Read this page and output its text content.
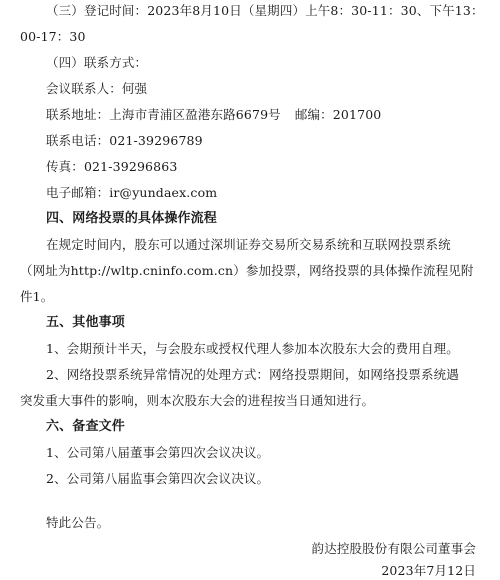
（三）登记时间：2023年8月10日（星期四）上午8：30-11：30、下午13：
00-17：30
（四）联系方式：
会议联系人：何强
联系地址：上海市青浦区盈港东路6679号 邮编：201700
联系电话：021-39296789
传真：021-39296863
电子邮箱：ir@yundaex.com
四、网络投票的具体操作流程
在规定时间内，股东可以通过深圳证券交易所交易系统和互联网投票系统
（网址为http://wltp.cninfo.com.cn）参加投票，网络投票的具体操作流程见附
件1。
五、其他事项
1、会期预计半天，与会股东或授权代理人参加本次股东大会的费用自理。
2、网络投票系统异常情况的处理方式：网络投票期间，如网络投票系统遇
突发重大事件的影响，则本次股东大会的进程按当日通知进行。
六、备查文件
1、公司第八届董事会第四次会议决议。
2、公司第八届监事会第四次会议决议。
特此公告。
韵达控股股份有限公司董事会
2023年7月12日
